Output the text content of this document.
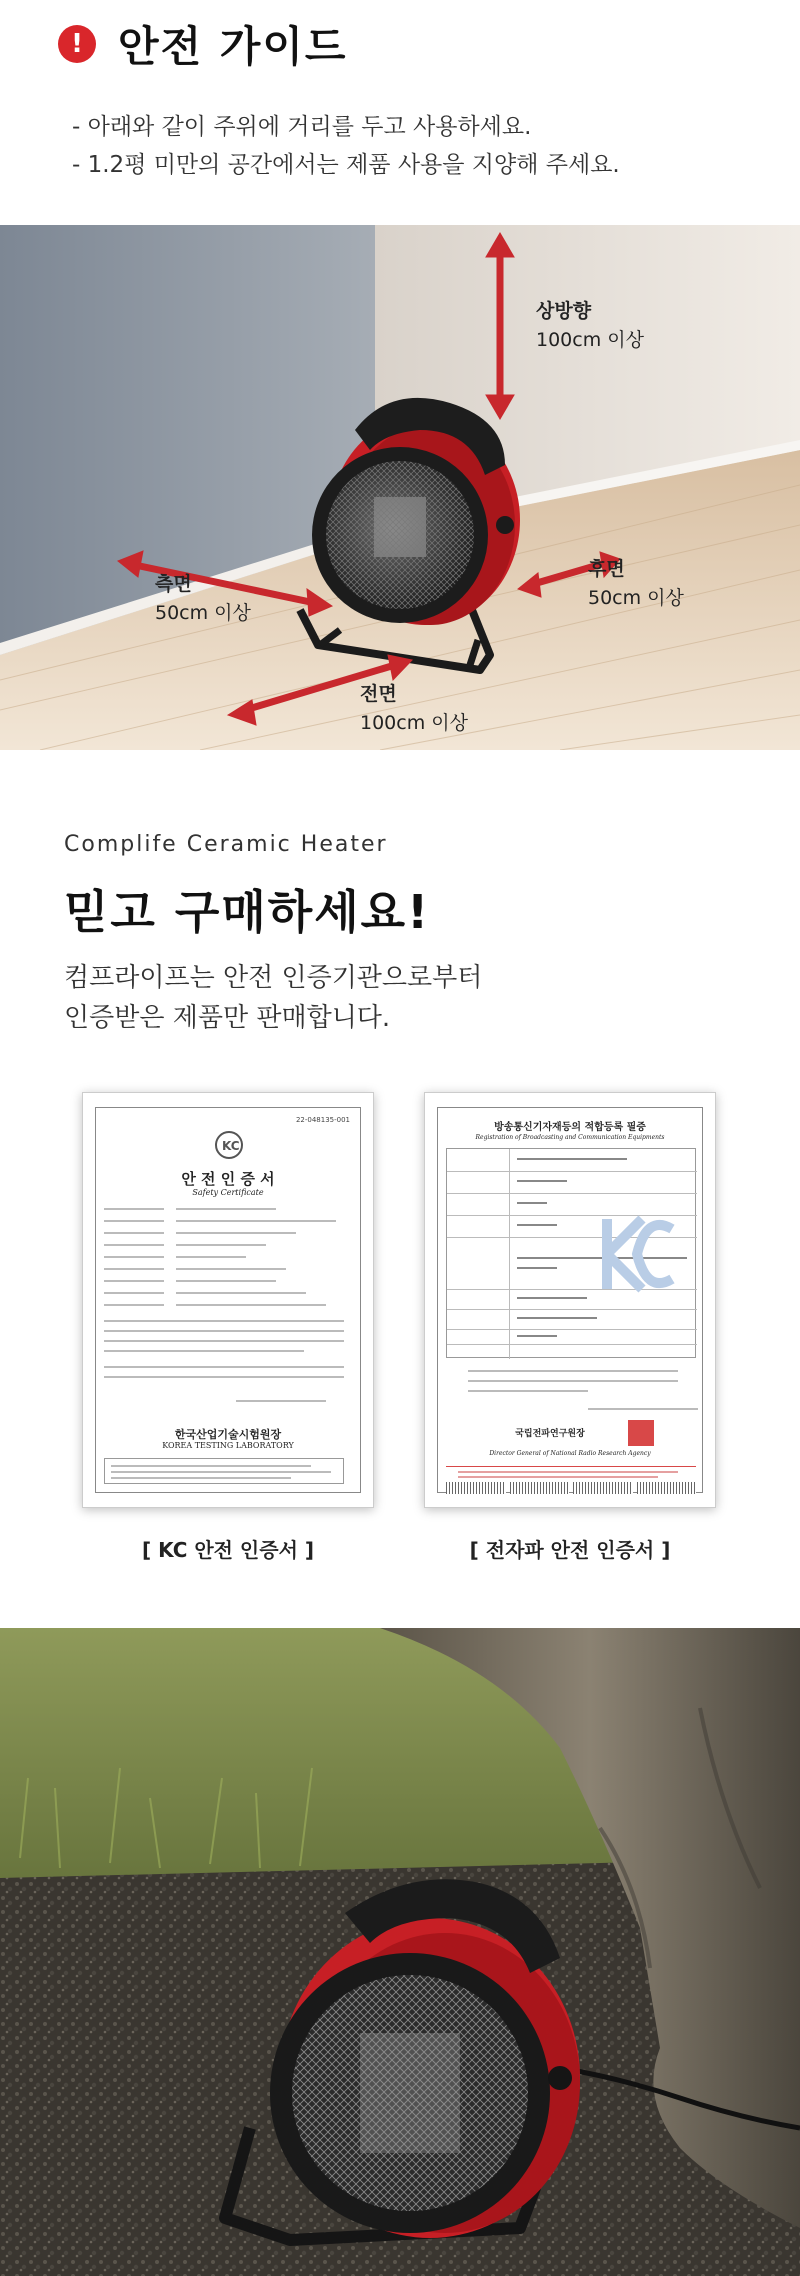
! 안전 가이드
- 아래와 같이 주위에 거리를 두고 사용하세요.
- 1.2평 미만의 공간에서는 제품 사용을 지양해 주세요.
상방향
100cm 이상
측면
50cm 이상
후면
50cm 이상
전면
100cm 이상
Complife Ceramic Heater
믿고 구매하세요!

컴프라이프는 안전 인증기관으로부터

인증받은 제품만 판매합니다.

22-048135-001
KC
안 전 인 증 서
Safety Certificate
한국산업기술시험원장
KOREA TESTING LABORATORY
방송통신기자재등의 적합등록 필증
Registration of Broadcasting and Communication Equipments
국립전파연구원장
Director General of National Radio Research Agency
[ KC 안전 인증서 ]	[ 전자파 안전 인증서 ]
